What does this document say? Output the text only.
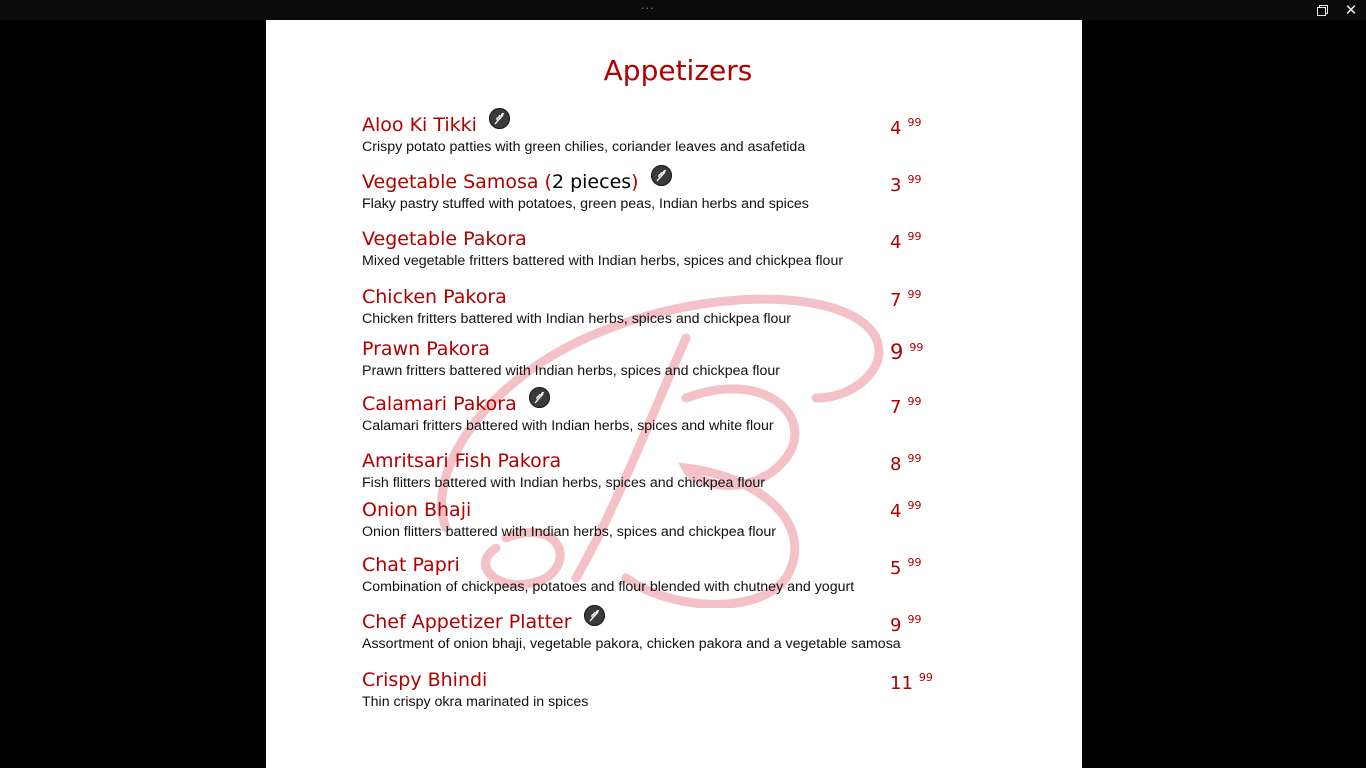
···	✕
Appetizers
Aloo Ki Tikki
Crispy potato patties with green chilies, coriander leaves and asafetida
4 $^{99}$
Vegetable Samosa (2 pieces)
Flaky pastry stuffed with potatoes, green peas, Indian herbs and spices
3 $^{99}$
Vegetable Pakora
Mixed vegetable fritters battered with Indian herbs, spices and chickpea flour
4 $^{99}$
Chicken Pakora
Chicken fritters battered with Indian herbs, spices and chickpea flour
7 $^{99}$
Prawn Pakora
Prawn fritters battered with Indian herbs, spices and chickpea flour
9 $^{99}$
Calamari Pakora
Calamari fritters battered with Indian herbs, spices and white flour
7 $^{99}$
Amritsari Fish Pakora
Fish flitters battered with Indian herbs, spices and chickpea flour
8 $^{99}$
Onion Bhaji
Onion flitters battered with Indian herbs, spices and chickpea flour
4 $^{99}$
Chat Papri
Combination of chickpeas, potatoes and flour blended with chutney and yogurt
5 $^{99}$
Chef Appetizer Platter
Assortment of onion bhaji, vegetable pakora, chicken pakora and a vegetable samosa
9 $^{99}$
Crispy Bhindi
Thin crispy okra marinated in spices
11 $^{99}$
